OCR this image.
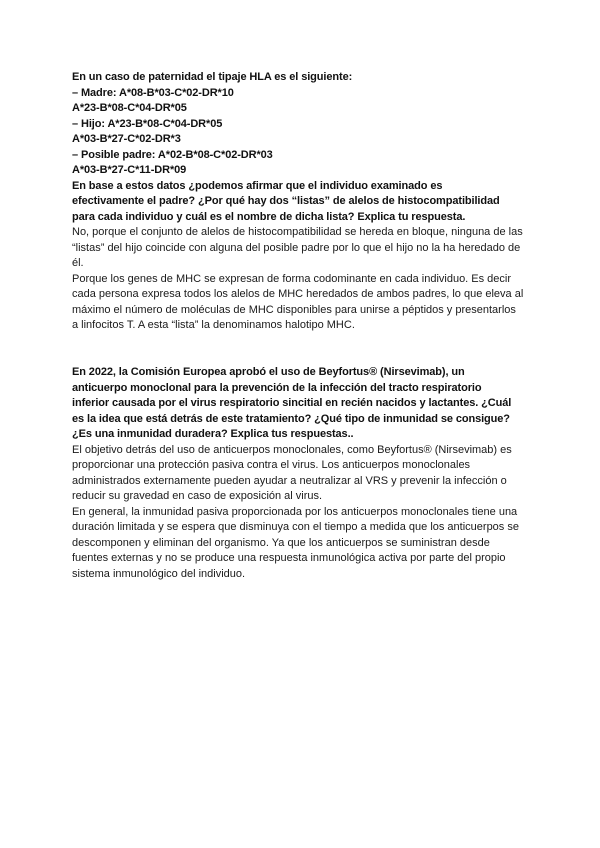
En un caso de paternidad el tipaje HLA es el siguiente:
– Madre: A*08-B*03-C*02-DR*10
A*23-B*08-C*04-DR*05
– Hijo: A*23-B*08-C*04-DR*05
A*03-B*27-C*02-DR*3
– Posible padre: A*02-B*08-C*02-DR*03
A*03-B*27-C*11-DR*09
En base a estos datos ¿podemos afirmar que el individuo examinado es
efectivamente el padre? ¿Por qué hay dos “listas” de alelos de histocompatibilidad
para cada individuo y cuál es el nombre de dicha lista? Explica tu respuesta.
No, porque el conjunto de alelos de histocompatibilidad se hereda en bloque, ninguna de las
“listas” del hijo coincide con alguna del posible padre por lo que el hijo no la ha heredado de
él.
Porque los genes de MHC se expresan de forma codominante en cada individuo. Es decir
cada persona expresa todos los alelos de MHC heredados de ambos padres, lo que eleva al
máximo el número de moléculas de MHC disponibles para unirse a péptidos y presentarlos
a linfocitos T. A esta “lista” la denominamos halotipo MHC.
En 2022, la Comisión Europea aprobó el uso de Beyfortus® (Nirsevimab), un
anticuerpo monoclonal para la prevención de la infección del tracto respiratorio
inferior causada por el virus respiratorio sincitial en recién nacidos y lactantes. ¿Cuál
es la idea que está detrás de este tratamiento? ¿Qué tipo de inmunidad se consigue?
¿Es una inmunidad duradera? Explica tus respuestas..
El objetivo detrás del uso de anticuerpos monoclonales, como Beyfortus® (Nirsevimab) es
proporcionar una protección pasiva contra el virus. Los anticuerpos monoclonales
administrados externamente pueden ayudar a neutralizar al VRS y prevenir la infección o
reducir su gravedad en caso de exposición al virus.
En general, la inmunidad pasiva proporcionada por los anticuerpos monoclonales tiene una
duración limitada y se espera que disminuya con el tiempo a medida que los anticuerpos se
descomponen y eliminan del organismo. Ya que los anticuerpos se suministran desde
fuentes externas y no se produce una respuesta inmunológica activa por parte del propio
sistema inmunológico del individuo.
